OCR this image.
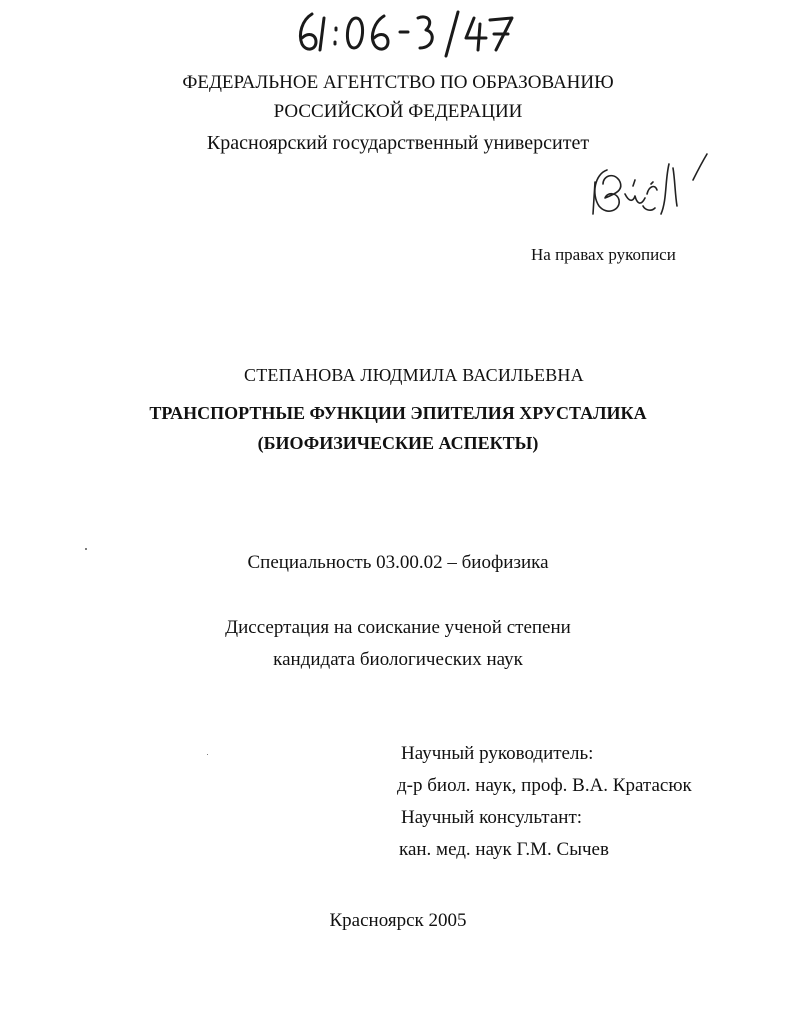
ФЕДЕРАЛЬНОЕ АГЕНТСТВО ПО ОБРАЗОВАНИЮ
РОССИЙСКОЙ ФЕДЕРАЦИИ
Красноярский государственный университет
На правах рукописи
СТЕПАНОВА ЛЮДМИЛА ВАСИЛЬЕВНА
ТРАНСПОРТНЫЕ ФУНКЦИИ ЭПИТЕЛИЯ ХРУСТАЛИКА
(БИОФИЗИЧЕСКИЕ АСПЕКТЫ)
Специальность 03.00.02 – биофизика
Диссертация на соискание ученой степени
кандидата биологических наук
Научный руководитель:
д-р биол. наук, проф. В.А. Кратасюк
Научный консультант:
кан. мед. наук Г.М. Сычев
Красноярск 2005
